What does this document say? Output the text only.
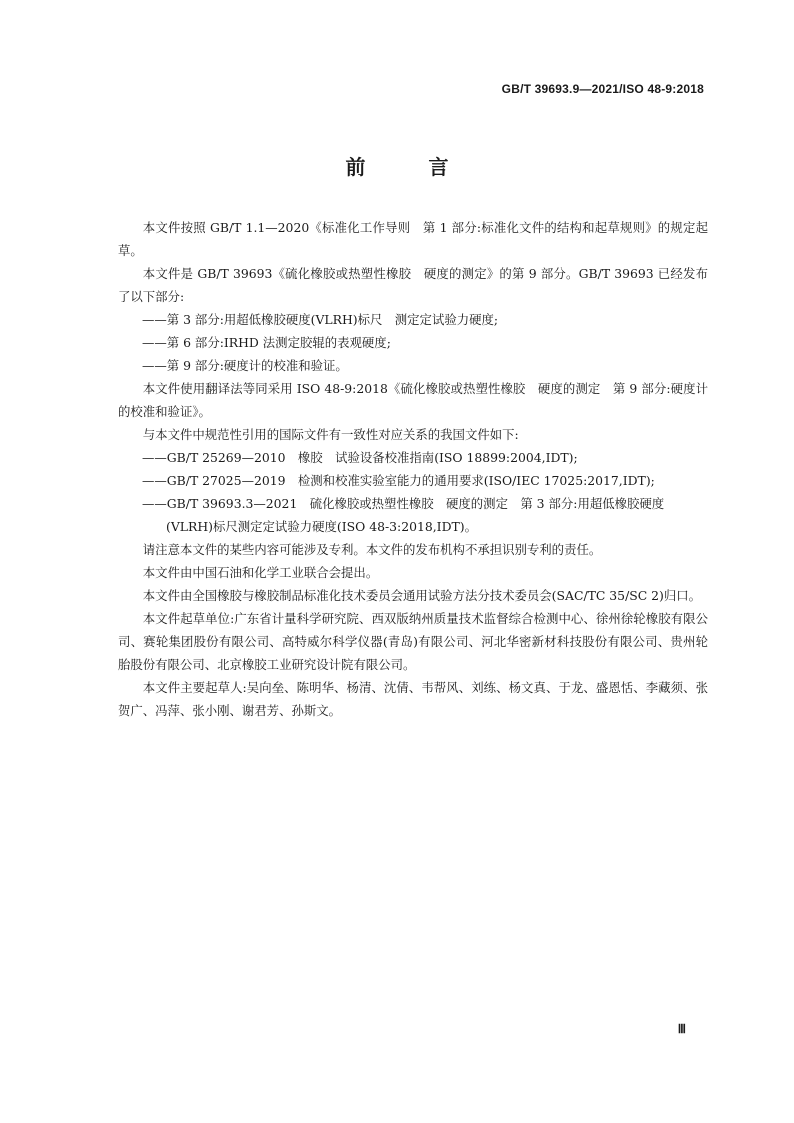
GB/T 39693.9—2021/ISO 48-9:2018
前 言

本文件按照 GB/T 1.1—2020《标准化工作导则　第 1 部分:标准化文件的结构和起草规则》的规定起草。

本文件是 GB/T 39693《硫化橡胶或热塑性橡胶　硬度的测定》的第 9 部分。GB/T 39693 已经发布了以下部分:

——第 3 部分:用超低橡胶硬度(VLRH)标尺　测定定试验力硬度;

——第 6 部分:IRHD 法测定胶辊的表观硬度;

——第 9 部分:硬度计的校准和验证。

本文件使用翻译法等同采用 ISO 48-9:2018《硫化橡胶或热塑性橡胶　硬度的测定　第 9 部分:硬度计的校准和验证》。

与本文件中规范性引用的国际文件有一致性对应关系的我国文件如下:

——GB/T 25269—2010　橡胶　试验设备校准指南(ISO 18899:2004,IDT);

——GB/T 27025—2019　检测和校准实验室能力的通用要求(ISO/IEC 17025:2017,IDT);

——GB/T 39693.3—2021　硫化橡胶或热塑性橡胶　硬度的测定　第 3 部分:用超低橡胶硬度(VLRH)标尺测定定试验力硬度(ISO 48-3:2018,IDT)。

请注意本文件的某些内容可能涉及专利。本文件的发布机构不承担识别专利的责任。

本文件由中国石油和化学工业联合会提出。

本文件由全国橡胶与橡胶制品标准化技术委员会通用试验方法分技术委员会(SAC/TC 35/SC 2)归口。

本文件起草单位:广东省计量科学研究院、西双版纳州质量技术监督综合检测中心、徐州徐轮橡胶有限公司、赛轮集团股份有限公司、高特威尔科学仪器(青岛)有限公司、河北华密新材科技股份有限公司、贵州轮胎股份有限公司、北京橡胶工业研究设计院有限公司。

本文件主要起草人:吴向垒、陈明华、杨清、沈倩、韦帮风、刘练、杨文真、于龙、盛恩恬、李藏须、张贺广、冯萍、张小刚、谢君芳、孙斯文。

Ⅲ
